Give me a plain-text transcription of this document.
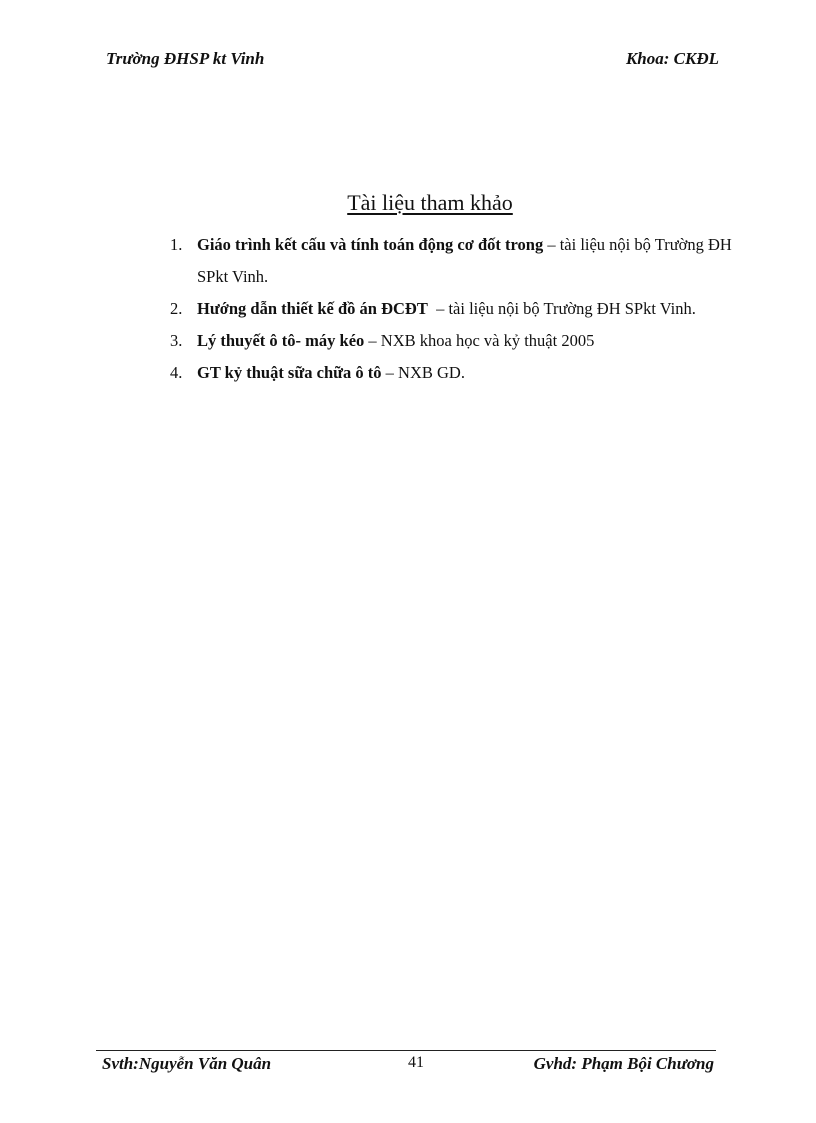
Trường ĐHSP kt Vinh	Khoa: CKĐL
Tài liệu tham khảo
1. Giáo trình kết cấu và tính toán động cơ đốt trong – tài liệu nội bộ Trường ĐH SPkt Vinh.
2. Hướng dẫn thiết kế đồ án ĐCĐT  – tài liệu nội bộ Trường ĐH SPkt Vinh.
3. Lý thuyết ô tô- máy kéo – NXB khoa học và kỷ thuật 2005
4. GT kỷ thuật sữa chữa ô tô – NXB GD.
Svth:Nguyễn Văn Quân	41	Gvhd: Phạm Bội Chương
